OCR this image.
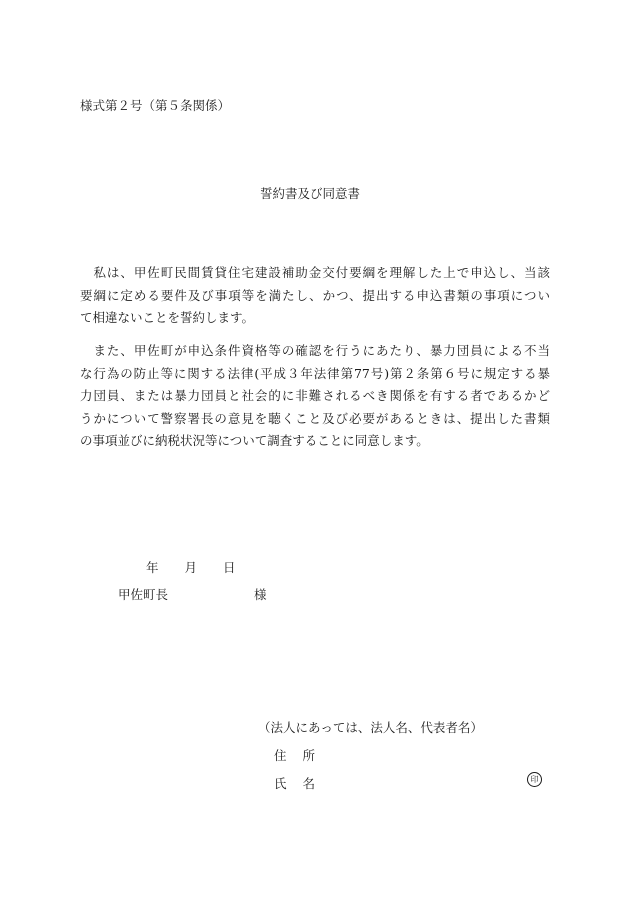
様式第２号（第５条関係）
誓約書及び同意書
　私は、甲佐町民間賃貸住宅建設補助金交付要綱を理解した上で申込し、当該
要綱に定める要件及び事項等を満たし、かつ、提出する申込書類の事項につい
て相違ないことを誓約します。
　また、甲佐町が申込条件資格等の確認を行うにあたり、暴力団員による不当
な行為の防止等に関する法律(平成３年法律第77号)第２条第６号に規定する暴
力団員、または暴力団員と社会的に非難されるべき関係を有する者であるかど
うかについて警察署長の意見を聴くこと及び必要があるときは、提出した書類
の事項並びに納税状況等について調査することに同意します。
年 月 日
甲佐町長	様
（法人にあっては、法人名、代表者名）
住 所
氏 名	印
